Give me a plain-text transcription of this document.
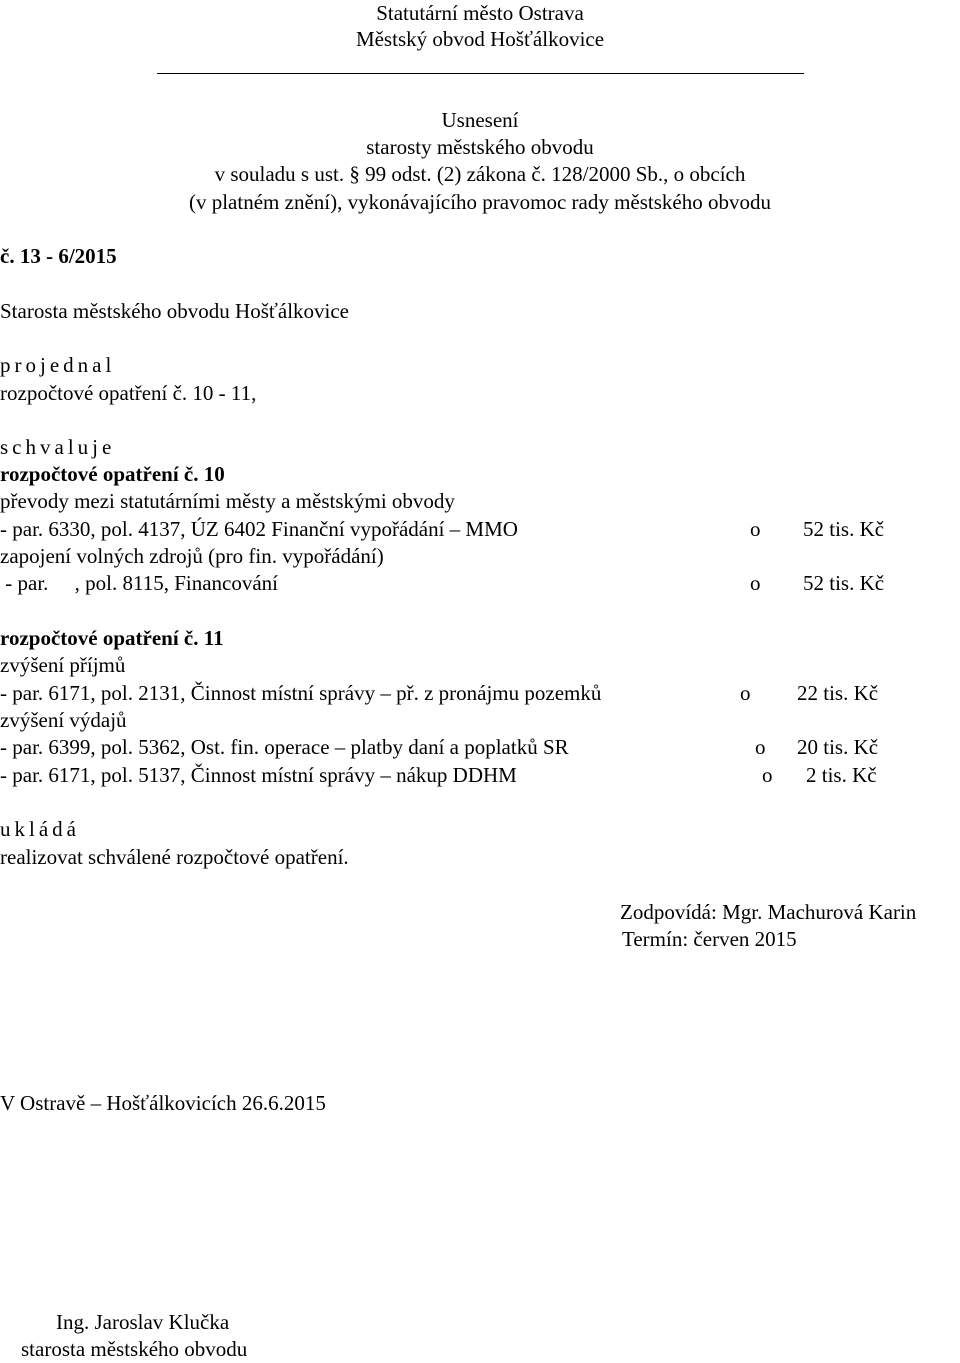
Statutární město Ostrava
Městský obvod Hošťálkovice
Usnesení
starosty městského obvodu
v souladu s ust. § 99 odst. (2) zákona č. 128/2000 Sb., o obcích
(v platném znění), vykonávajícího pravomoc rady městského obvodu
č. 13 - 6/2015
Starosta městského obvodu Hošťálkovice
projednal
rozpočtové opatření č. 10 - 11,
schvaluje
rozpočtové opatření č. 10
převody mezi statutárními městy a městskými obvody
- par. 6330, pol. 4137, ÚZ 6402 Finanční vypořádání – MMO	o 52 tis. Kč
zapojení volných zdrojů (pro fin. vypořádání)
- par.     , pol. 8115, Financování	o 52 tis. Kč
rozpočtové opatření č. 11
zvýšení příjmů
- par. 6171, pol. 2131, Činnost místní správy – př. z pronájmu pozemků	o 22 tis. Kč
zvýšení výdajů
- par. 6399, pol. 5362, Ost. fin. operace – platby daní a poplatků SR	o 20 tis. Kč
- par. 6171, pol. 5137, Činnost místní správy – nákup DDHM	o 2 tis. Kč
ukládá
realizovat schválené rozpočtové opatření.
Zodpovídá: Mgr. Machurová Karin
Termín: červen 2015
V Ostravě – Hošťálkovicích 26.6.2015
Ing. Jaroslav Klučka
starosta městského obvodu
